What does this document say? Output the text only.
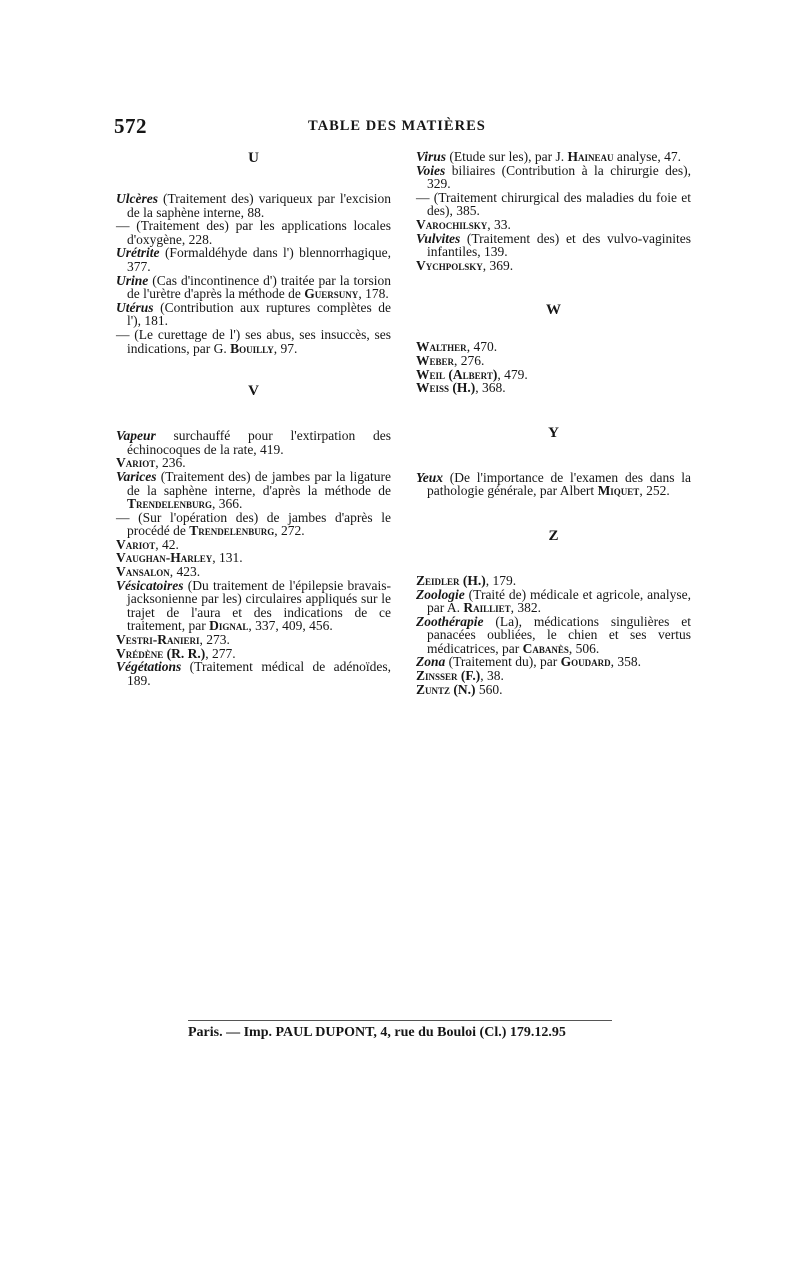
572	TABLE DES MATIÈRES
U

Ulcères (Traitement des) variqueux par l'excision de la saphène interne, 88.

— (Traitement des) par les applications locales d'oxygène, 228.

Urétrite (Formaldéhyde dans l') blennorrhagique, 377.

Urine (Cas d'incontinence d') traitée par la torsion de l'urètre d'après la méthode de Guersuny, 178.

Utérus (Contribution aux ruptures complètes de l'), 181.

— (Le curettage de l') ses abus, ses insuccès, ses indications, par G. Bouilly, 97.

V

Vapeur surchauffé pour l'extirpation des échinocoques de la rate, 419.

Variot, 236.

Varices (Traitement des) de jambes par la ligature de la saphène interne, d'après la méthode de Trendelenburg, 366.

— (Sur l'opération des) de jambes d'après le procédé de Trendelenburg, 272.

Variot, 42.

Vaughan-Harley, 131.

Vansalon, 423.

Vésicatoires (Du traitement de l'épilepsie bravais-jacksonienne par les) circulaires appliqués sur le trajet de l'aura et des indications de ce traitement, par Dignal, 337, 409, 456.

Vestri-Ranieri, 273.

Vrédène (R. R.), 277.

Végétations (Traitement médical de adénoïdes, 189.

Virus (Etude sur les), par J. Haineau analyse, 47.

Voies biliaires (Contribution à la chirurgie des), 329.

— (Traitement chirurgical des maladies du foie et des), 385.

Varochilsky, 33.

Vulvites (Traitement des) et des vulvo-vaginites infantiles, 139.

Vychpolsky, 369.

W

Walther, 470.

Weber, 276.

Weil (Albert), 479.

Weiss (H.), 368.

Y

Yeux (De l'importance de l'examen des dans la pathologie générale, par Albert Miquet, 252.

Z

Zeidler (H.), 179.

Zoologie (Traité de) médicale et agricole, analyse, par A. Railliet, 382.

Zoothérapie (La), médications singulières et panacées oubliées, le chien et ses vertus médicatrices, par Cabanès, 506.

Zona (Traitement du), par Goudard, 358.

Zinsser (F.), 38.

Zuntz (N.) 560.

Paris. — Imp. PAUL DUPONT, 4, rue du Bouloi (Cl.) 179.12.95
